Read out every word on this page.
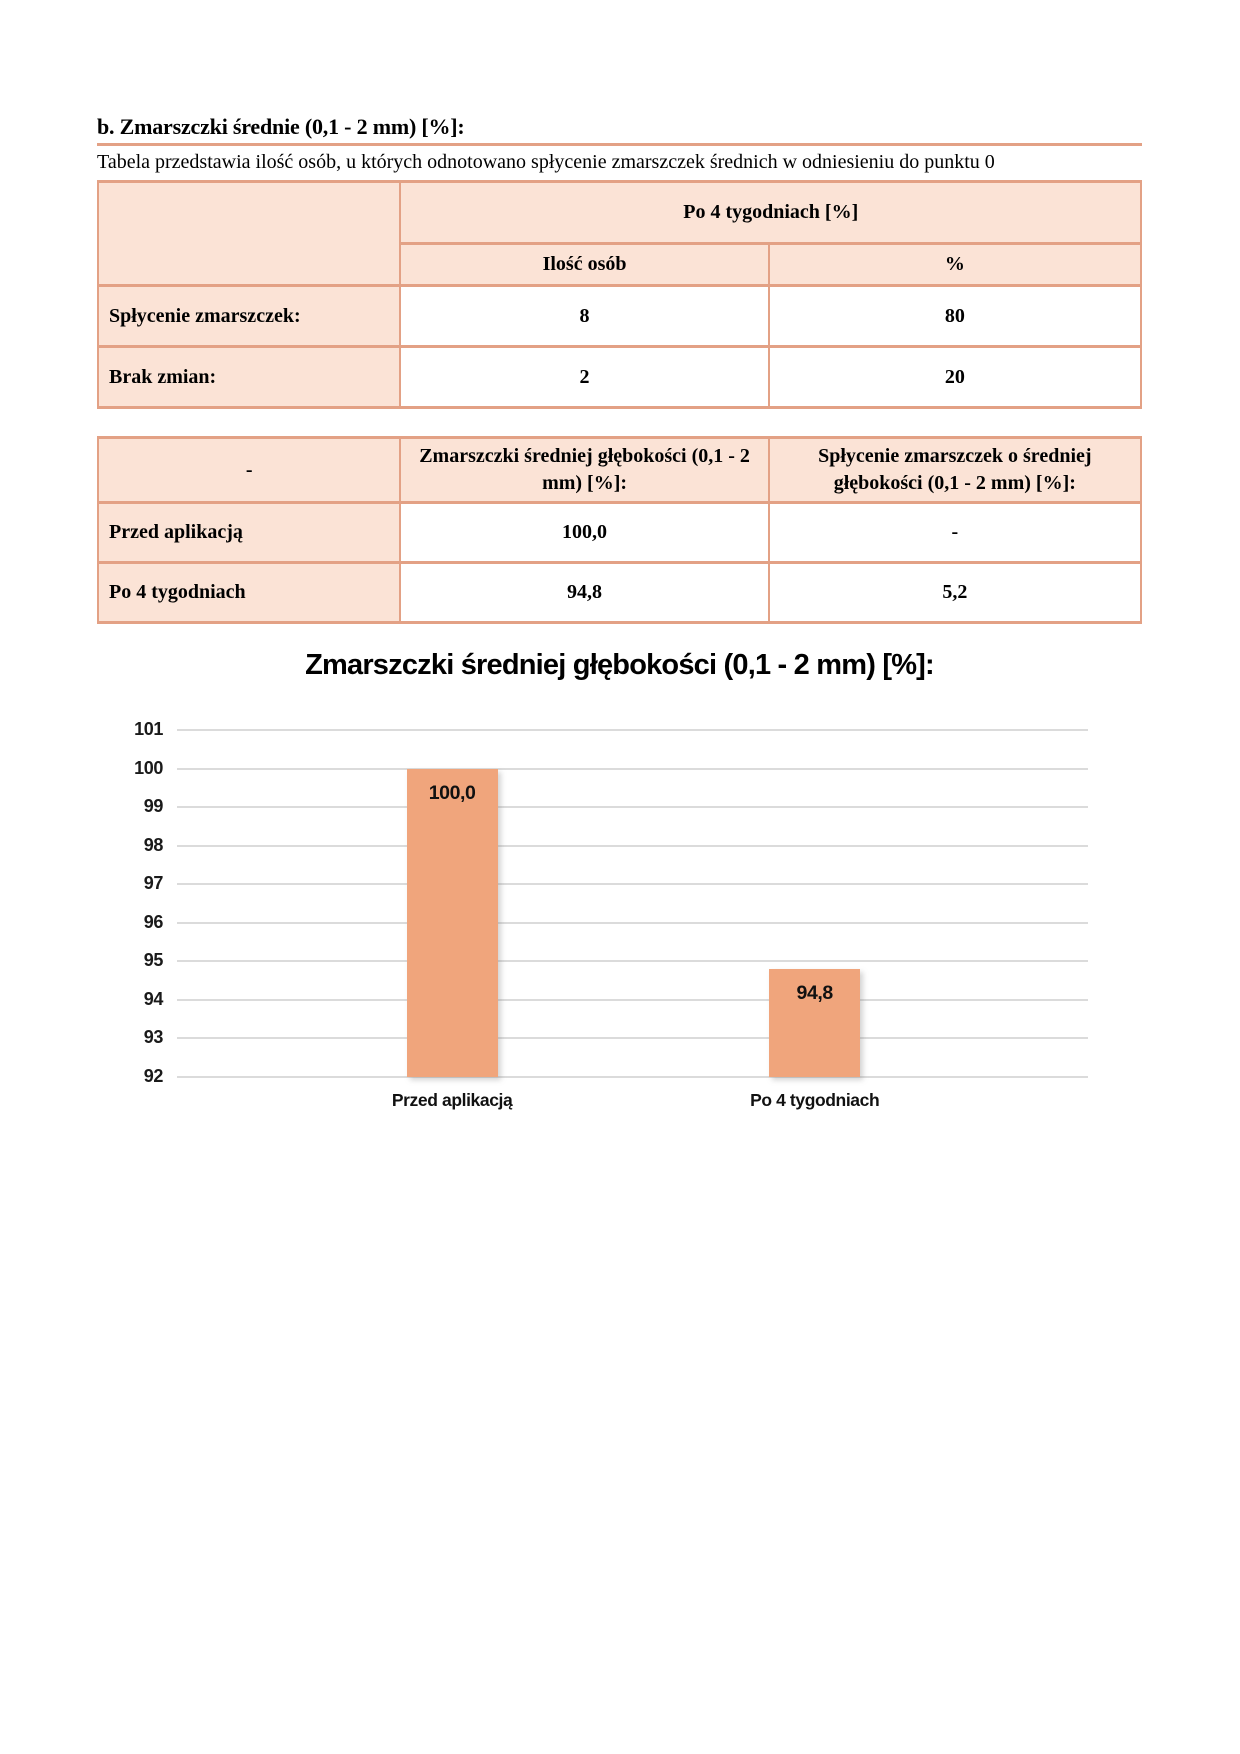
b. Zmarszczki średnie (0,1 - 2 mm) [%]:
Tabela przedstawia ilość osób, u których odnotowano spłycenie zmarszczek średnich w odniesieniu do punktu 0
	Po 4 tygodniach [%]	
	Ilość osób	%
Spłycenie zmarszczek:	8	80
Brak zmian:	2	20
-	Zmarszczki średniej głębokości (0,1 - 2 mm) [%]:	Spłycenie zmarszczek o średniej głębokości (0,1 - 2 mm) [%]:
Przed aplikacją	100,0	-
Po 4 tygodniach	94,8	5,2
Zmarszczki średniej głębokości (0,1 - 2 mm) [%]:
101
100
99
98
97
96
95
94
93
92
100,0
Przed aplikacją
94,8
Po 4 tygodniach
